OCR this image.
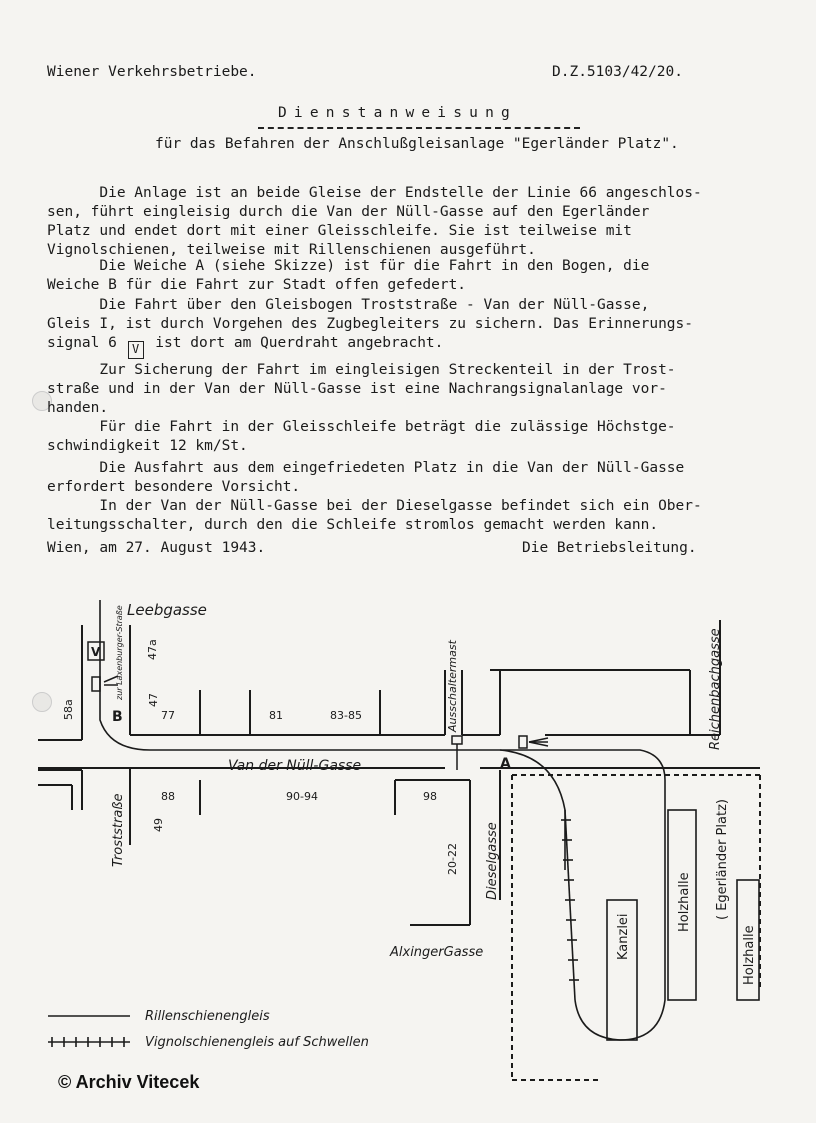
Wiener Verkehrsbetriebe.	D.Z.5103/42/20.
Dienstanweisung
für das Befahren der Anschlußgleisanlage "Egerländer Platz".
Die Anlage ist an beide Gleise der Endstelle der Linie 66 angeschlos-
sen, führt eingleisig durch die Van der Nüll-Gasse auf den Egerländer
Platz und endet dort mit einer Gleisschleife. Sie ist teilweise mit
Vignolschienen, teilweise mit Rillenschienen ausgeführt.
Die Weiche A (siehe Skizze) ist für die Fahrt in den Bogen, die
Weiche B für die Fahrt zur Stadt offen gefedert.
Die Fahrt über den Gleisbogen Troststraße - Van der Nüll-Gasse,
Gleis I, ist durch Vorgehen des Zugbegleiters zu sichern. Das Erinnerungs-
signal 6 V ist dort am Querdraht angebracht.
Zur Sicherung der Fahrt im eingleisigen Streckenteil in der Trost-
straße und in der Van der Nüll-Gasse ist eine Nachrangsignalanlage vor-
handen.
Für die Fahrt in der Gleisschleife beträgt die zulässige Höchstge-
schwindigkeit 12 km/St.
Die Ausfahrt aus dem eingefriedeten Platz in die Van der Nüll-Gasse
erfordert besondere Vorsicht.
In der Van der Nüll-Gasse bei der Dieselgasse befindet sich ein Ober-
leitungsschalter, durch den die Schleife stromlos gemacht werden kann.
Wien, am 27. August 1943.	Die Betriebsleitung.
Leebgasse
zur Laxenburger-Straße
Troststraße
Van der Nüll-Gasse
Dieselgasse
AlxingerGasse
Reichenbachgasse
Ausschaltermast
47a
58a	47
77	81	83-85
88
49
90-94	98
20-22
B
A
V
Kanzlei
Holzhalle ( Egerländer Platz)
Holzhalle
Rillenschienengleis
Vignolschienengleis auf Schwellen
© Archiv Vitecek
